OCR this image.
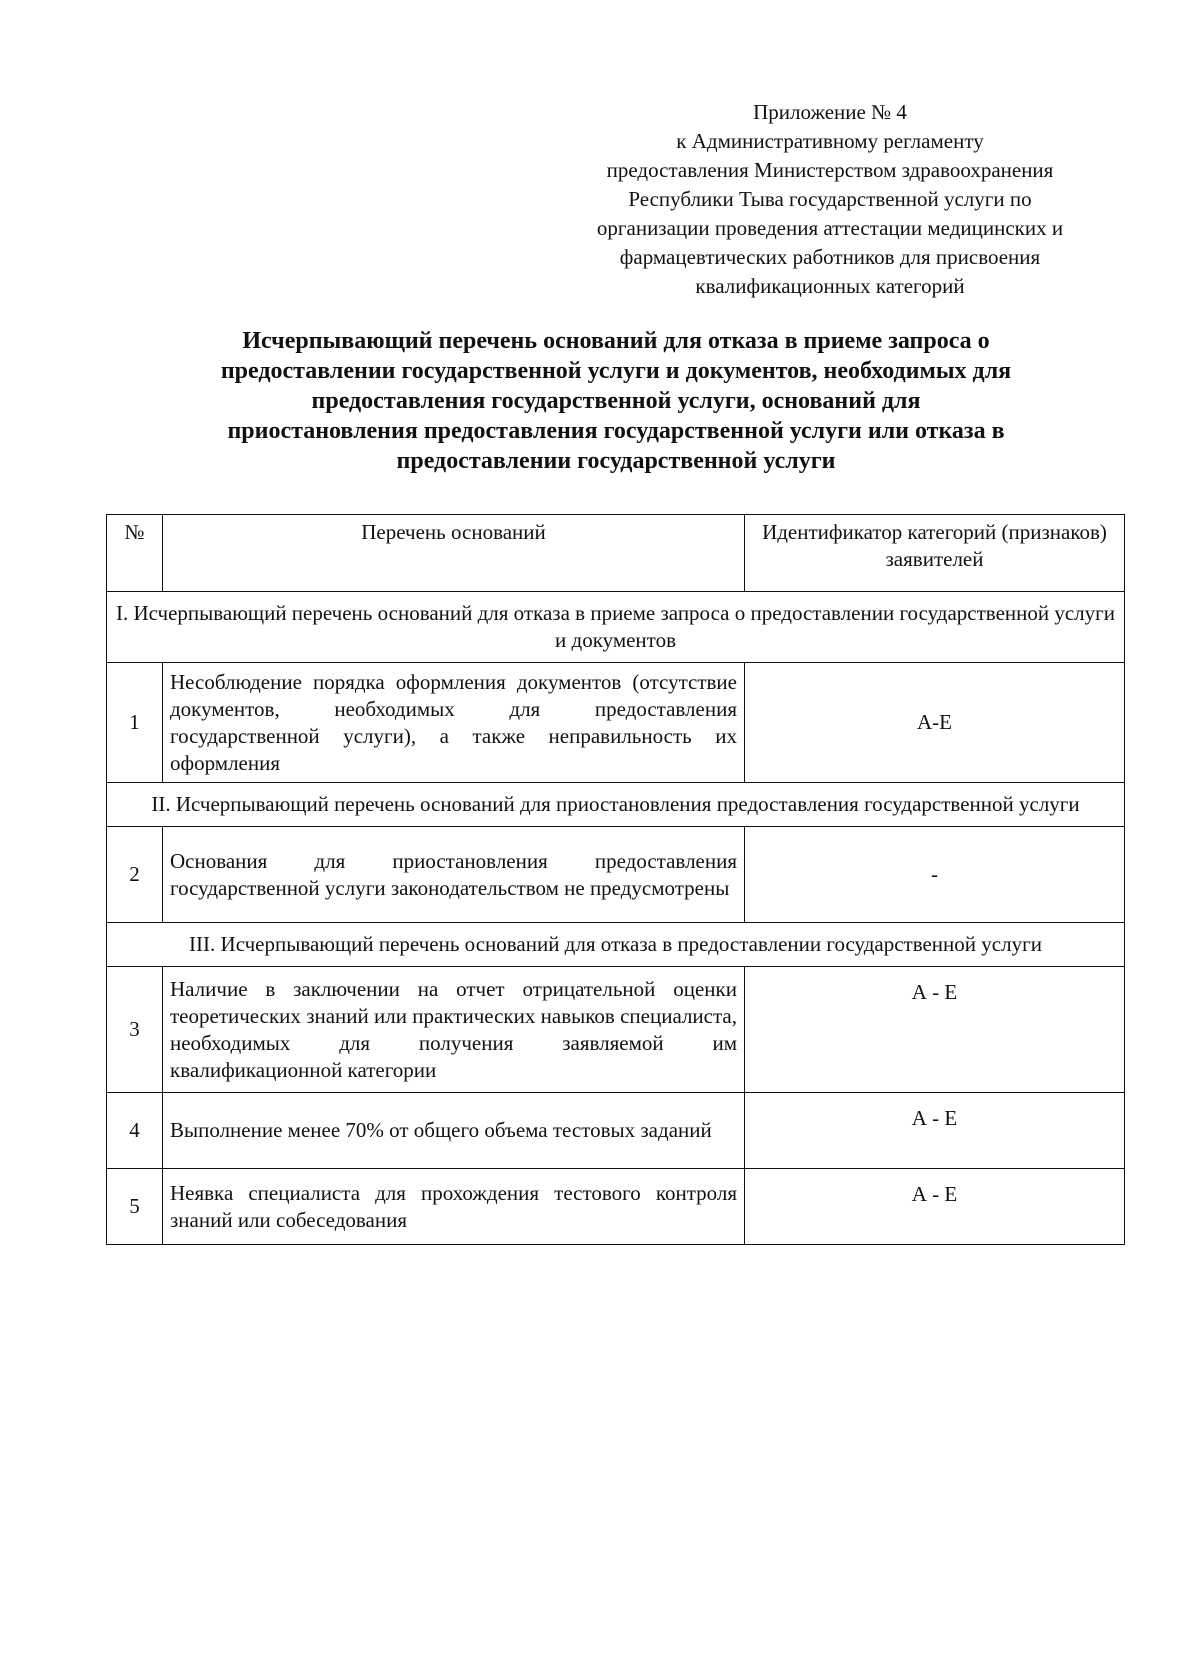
Приложение № 4
к Административному регламенту
предоставления Министерством здравоохранения
Республики Тыва государственной услуги по
организации проведения аттестации медицинских и
фармацевтических работников для присвоения
квалификационных категорий
Исчерпывающий перечень оснований для отказа в приеме запроса о
предоставлении государственной услуги и документов, необходимых для
предоставления государственной услуги, оснований для
приостановления предоставления государственной услуги или отказа в
предоставлении государственной услуги
№	Перечень оснований	Идентификатор категорий (признаков) заявителей
I. Исчерпывающий перечень оснований для отказа в приеме запроса о предоставлении государственной услуги и документов		
1	Несоблюдение порядка оформления документов (отсутствие документов, необходимых для предоставления государственной услуги), а также неправильность их оформления	А-Е
II. Исчерпывающий перечень оснований для приостановления предоставления государственной услуги		
2	Основания для приостановления предоставления государственной услуги законодательством не предусмотрены	-
III. Исчерпывающий перечень оснований для отказа в предоставлении государственной услуги		
3	Наличие в заключении на отчет отрицательной оценки теоретических знаний или практических навыков специалиста, необходимых для получения заявляемой им квалификационной категории	А - Е
4	Выполнение менее 70% от общего объема тестовых заданий	А - Е
5	Неявка специалиста для прохождения тестового контроля знаний или собеседования	А - Е
